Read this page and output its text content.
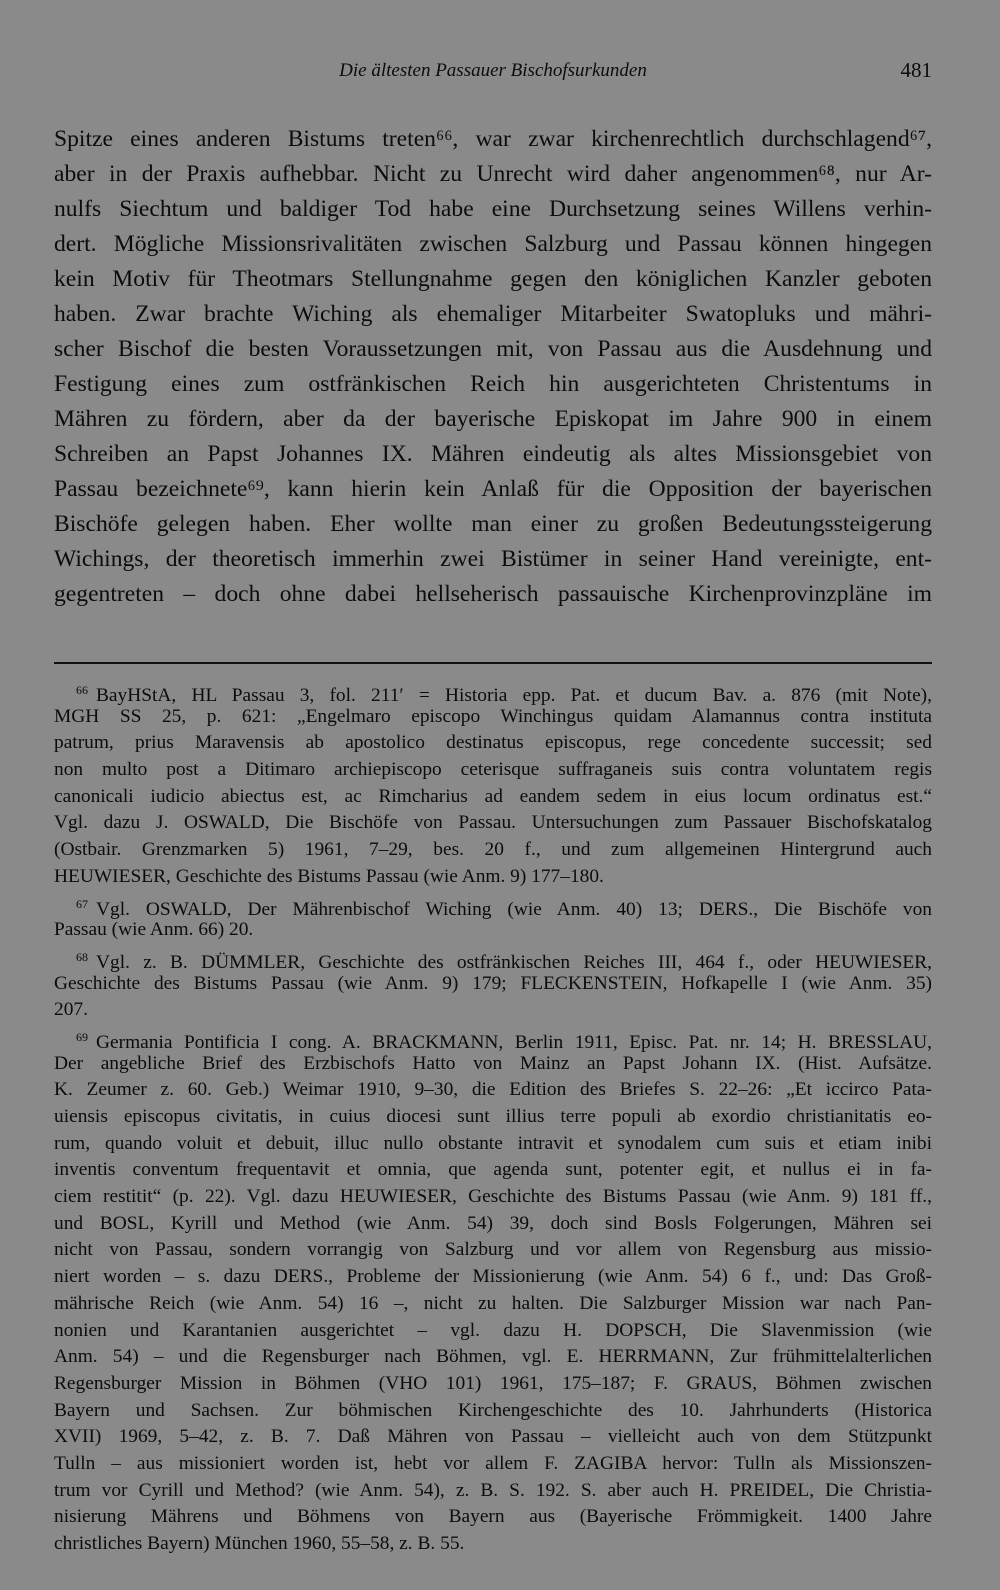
Die ältesten Passauer Bischofsurkunden	481
Spitze eines anderen Bistums treten⁶⁶, war zwar kirchenrechtlich durchschlagend⁶⁷,
aber in der Praxis aufhebbar. Nicht zu Unrecht wird daher angenommen⁶⁸, nur Ar-
nulfs Siechtum und baldiger Tod habe eine Durchsetzung seines Willens verhin-
dert. Mögliche Missionsrivalitäten zwischen Salzburg und Passau können hingegen
kein Motiv für Theotmars Stellungnahme gegen den königlichen Kanzler geboten
haben. Zwar brachte Wiching als ehemaliger Mitarbeiter Swatopluks und mähri-
scher Bischof die besten Voraussetzungen mit, von Passau aus die Ausdehnung und
Festigung eines zum ostfränkischen Reich hin ausgerichteten Christentums in
Mähren zu fördern, aber da der bayerische Episkopat im Jahre 900 in einem
Schreiben an Papst Johannes IX. Mähren eindeutig als altes Missionsgebiet von
Passau bezeichnete⁶⁹, kann hierin kein Anlaß für die Opposition der bayerischen
Bischöfe gelegen haben. Eher wollte man einer zu großen Bedeutungssteigerung
Wichings, der theoretisch immerhin zwei Bistümer in seiner Hand vereinigte, ent-
gegentreten – doch ohne dabei hellseherisch passauische Kirchenprovinzpläne im
$^{66}$ BayHStA, HL Passau 3, fol. 211′ = Historia epp. Pat. et ducum Bav. a. 876 (mit Note),
MGH SS 25, p. 621: „Engelmaro episcopo Winchingus quidam Alamannus contra instituta
patrum, prius Maravensis ab apostolico destinatus episcopus, rege concedente successit; sed
non multo post a Ditimaro archiepiscopo ceterisque suffraganeis suis contra voluntatem regis
canonicali iudicio abiectus est, ac Rimcharius ad eandem sedem in eius locum ordinatus est.“
Vgl. dazu J. OSWALD, Die Bischöfe von Passau. Untersuchungen zum Passauer Bischofskatalog
(Ostbair. Grenzmarken 5) 1961, 7–29, bes. 20 f., und zum allgemeinen Hintergrund auch
HEUWIESER, Geschichte des Bistums Passau (wie Anm. 9) 177–180.
$^{67}$ Vgl. OSWALD, Der Mährenbischof Wiching (wie Anm. 40) 13; DERS., Die Bischöfe von
Passau (wie Anm. 66) 20.
$^{68}$ Vgl. z. B. DÜMMLER, Geschichte des ostfränkischen Reiches III, 464 f., oder HEUWIESER,
Geschichte des Bistums Passau (wie Anm. 9) 179; FLECKENSTEIN, Hofkapelle I (wie Anm. 35)
207.
$^{69}$ Germania Pontificia I cong. A. BRACKMANN, Berlin 1911, Episc. Pat. nr. 14; H. BRESSLAU,
Der angebliche Brief des Erzbischofs Hatto von Mainz an Papst Johann IX. (Hist. Aufsätze.
K. Zeumer z. 60. Geb.) Weimar 1910, 9–30, die Edition des Briefes S. 22–26: „Et iccirco Pata-
uiensis episcopus civitatis, in cuius diocesi sunt illius terre populi ab exordio christianitatis eo-
rum, quando voluit et debuit, illuc nullo obstante intravit et synodalem cum suis et etiam inibi
inventis conventum frequentavit et omnia, que agenda sunt, potenter egit, et nullus ei in fa-
ciem restitit“ (p. 22). Vgl. dazu HEUWIESER, Geschichte des Bistums Passau (wie Anm. 9) 181 ff.,
und BOSL, Kyrill und Method (wie Anm. 54) 39, doch sind Bosls Folgerungen, Mähren sei
nicht von Passau, sondern vorrangig von Salzburg und vor allem von Regensburg aus missio-
niert worden – s. dazu DERS., Probleme der Missionierung (wie Anm. 54) 6 f., und: Das Groß-
mährische Reich (wie Anm. 54) 16 –, nicht zu halten. Die Salzburger Mission war nach Pan-
nonien und Karantanien ausgerichtet – vgl. dazu H. DOPSCH, Die Slavenmission (wie
Anm. 54) – und die Regensburger nach Böhmen, vgl. E. HERRMANN, Zur frühmittelalterlichen
Regensburger Mission in Böhmen (VHO 101) 1961, 175–187; F. GRAUS, Böhmen zwischen
Bayern und Sachsen. Zur böhmischen Kirchengeschichte des 10. Jahrhunderts (Historica
XVII) 1969, 5–42, z. B. 7. Daß Mähren von Passau – vielleicht auch von dem Stützpunkt
Tulln – aus missioniert worden ist, hebt vor allem F. ZAGIBA hervor: Tulln als Missionszen-
trum vor Cyrill und Method? (wie Anm. 54), z. B. S. 192. S. aber auch H. PREIDEL, Die Christia-
nisierung Mährens und Böhmens von Bayern aus (Bayerische Frömmigkeit. 1400 Jahre
christliches Bayern) München 1960, 55–58, z. B. 55.
